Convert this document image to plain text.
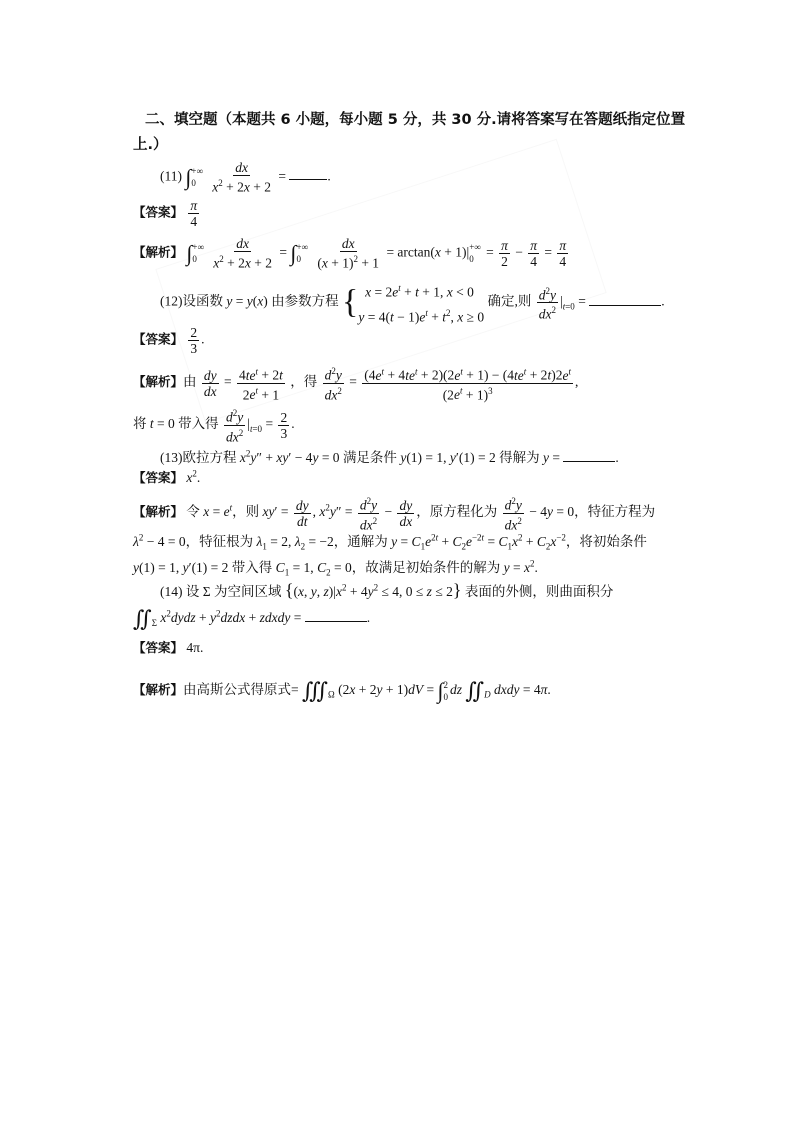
二、填空题（本题共 6 小题，每小题 5 分，共 30 分.请将答案写在答题纸指定位置
上.）
(11) ∫ +∞
0
	$\frac{dx}{x^2 + 2x + 2}$ =	.
【答案】 $\frac{\pi}{4}$
【解析】 ∫ +∞
0
	$\frac{dx}{x^2 + 2x + 2}$ = ∫ +∞
0
	$\frac{dx}{(x + 1)^2 + 1} = \arctan(x + 1)|$ +∞
$0 = \frac{\pi}{2} - \frac{\pi}{4} = \frac{\pi}{4}$
(12)设函数 y = y(x) 由参数方程 { $x = 2e^t + t + 1$, x < 0
$y = 4(t - 1)e^t + t^2$, x ≥ 0
确定,则 $\frac{d^2y}{dx^2} |_{t=0}$ =	.
【答案】 $\frac{2}{3}$ .
【解析】由 $\frac{dy}{dx} = \frac{4te^t + 2t}{2e^t + 1}$ ，得 $\frac{d^2y}{dx^2} = \frac{(4e^t + 4te^t + 2)(2e^t + 1) - (4te^t + 2t)2e^t}{(2e^t + 1)^3}$ ,
将 t = 0 带入得 $\frac{d^2y}{dx^2} |_{t=0} = \frac{2}{3}$ .
(13)欧拉方程 $x^2y'' + xy' - 4y = 0$ 满足条件 y(1) = 1, y′(1) = 2 得解为 y =	.
【答案】 $x^2$.
【解析】 令 $x = e^t$，则 $xy' = \frac{dy}{dt}$ , $x^2y'' = \frac{d^2y}{dx^2} - \frac{dy}{dx}$ ，原方程化为 $\frac{d^2y}{dx^2} - 4y = 0$，特征方程为
$\lambda^2 - 4 = 0$，特征根为 $\lambda_1 = 2$, $\lambda_2 = -2$，通解为 $y = C_1e^{2t} + C_2e^{-2t} = C_1x^2 + C_2x^{-2}$，将初始条件
y(1) = 1, y′(1) = 2 带入得 $C_1 = 1$, $C_2 = 0$，故满足初始条件的解为 $y = x^2$.
(14) 设 Σ 为空间区域 {(x, y, $z)|x^2 + 4y^2 \le 4$, 0 ≤ z ≤ 2} 表面的外侧，则曲面积分
$∬_\Sigma$ $x^2dydz$ + $y^2dzdx$ + zdxdy =	.
【答案】 4π.
【解析】由高斯公式得原式= $∭_\Omega$ (2x + 2y + 1)dV = ∫ 2
0 dz $∬_D$ dxdy = 4π.
